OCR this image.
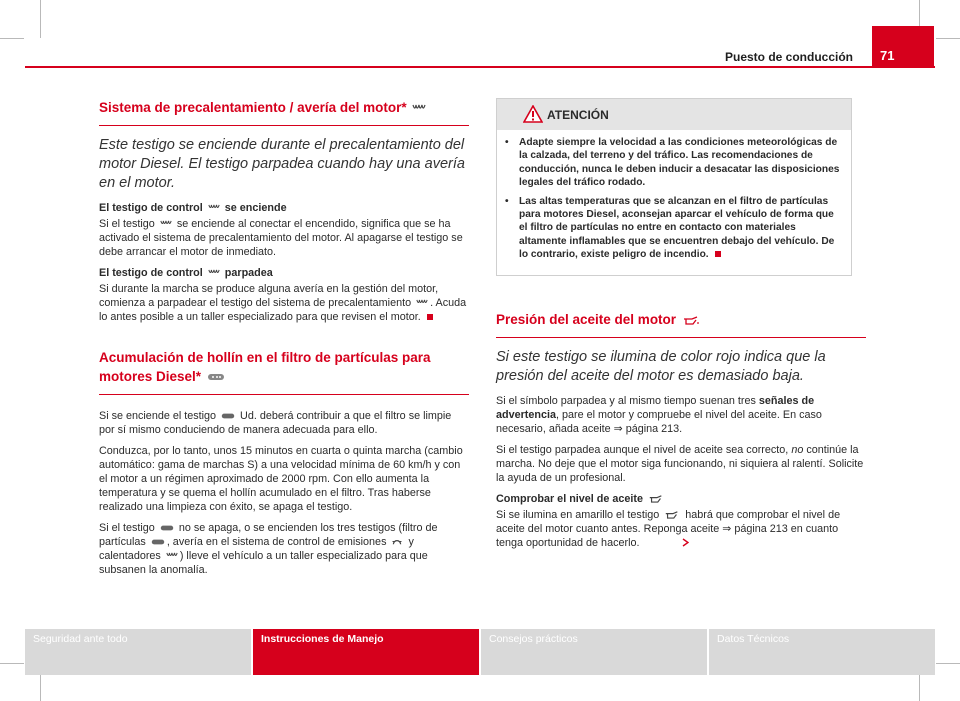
Puesto de conducción	71
Sistema de precalentamiento / avería del motor*
Este testigo se enciende durante el precalentamiento del motor Diesel. El testigo parpadea cuando hay una avería en el motor.
El testigo de control se enciende

Si el testigo se enciende al conectar el encendido, significa que se ha activado el sistema de precalentamiento del motor. Al apagarse el testigo se debe arrancar el motor de inmediato.

El testigo de control parpadea

Si durante la marcha se produce alguna avería en la gestión del motor, comienza a parpadear el testigo del sistema de precalentamiento . Acuda lo antes posible a un taller especializado para que revisen el motor.

Acumulación de hollín en el filtro de partículas para motores Diesel*

Si se enciende el testigo Ud. deberá contribuir a que el filtro se limpie por sí mismo conduciendo de manera adecuada para ello.

Conduzca, por lo tanto, unos 15 minutos en cuarta o quinta marcha (cambio automático: gama de marchas S) a una velocidad mínima de 60 km/h y con el motor a un régimen aproximado de 2000 rpm. Con ello aumenta la temperatura y se quema el hollín acumulado en el filtro. Tras haberse realizado una limpieza con éxito, se apaga el testigo.

Si el testigo no se apaga, o se encienden los tres testigos (filtro de partículas , avería en el sistema de control de emisiones y calentadores ) lleve el vehículo a un taller especializado para que subsanen la anomalía.

ATENCIÓN
• Adapte siempre la velocidad a las condiciones meteorológicas de la calzada, del terreno y del tráfico. Las recomendaciones de conducción, nunca le deben inducir a desacatar las disposiciones legales del tráfico rodado.
• Las altas temperaturas que se alcanzan en el filtro de partículas para motores Diesel, aconsejan aparcar el vehículo de forma que el filtro de partículas no entre en contacto con materiales altamente inflamables que se encuentren debajo del vehículo. De lo contrario, existe peligro de incendio.
Presión del aceite del motor
Si este testigo se ilumina de color rojo indica que la presión del aceite del motor es demasiado baja.

Si el símbolo parpadea y al mismo tiempo suenan tres señales de advertencia, pare el motor y compruebe el nivel del aceite. En caso necesario, añada aceite ⇒ página 213.

Si el testigo parpadea aunque el nivel de aceite sea correcto, no continúe la marcha. No deje que el motor siga funcionando, ni siquiera al ralentí. Solicite la ayuda de un profesional.

Comprobar el nivel de aceite

Si se ilumina en amarillo el testigo habrá que comprobar el nivel de aceite del motor cuanto antes. Reponga aceite ⇒ página 213 en cuanto tenga oportunidad de hacerlo.

Seguridad ante todo	Instrucciones de Manejo	Consejos prácticos	Datos Técnicos
